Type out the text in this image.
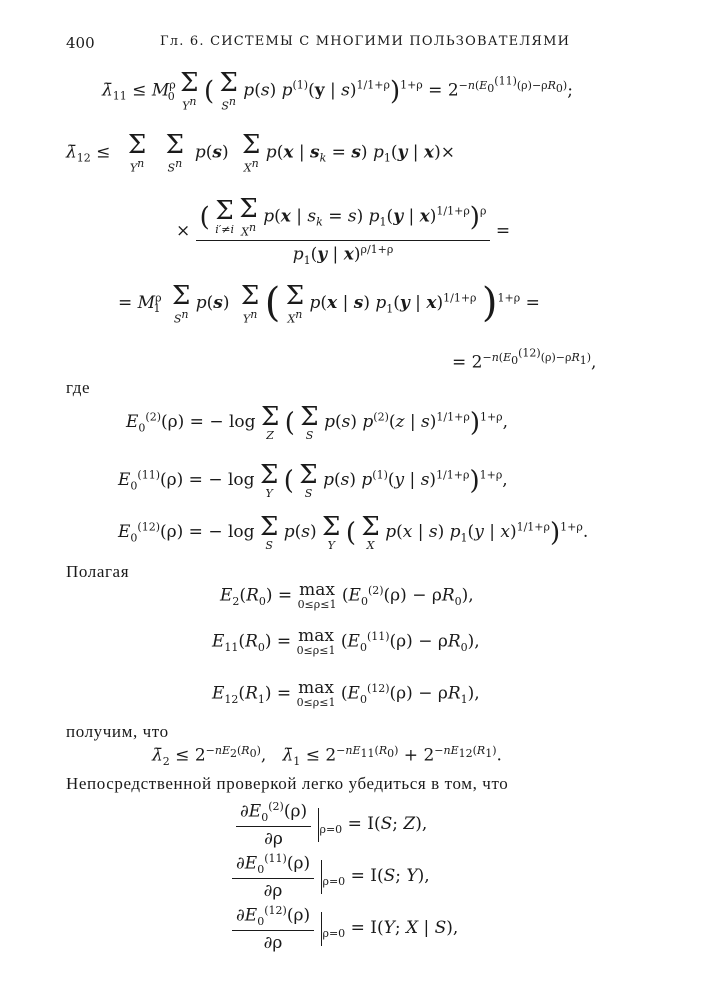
400	Гл. 6. СИСТЕМЫ С МНОГИМИ ПОЛЬЗОВАТЕЛЯМИ
$\lambdā_{11} \le M^\rho_0$ Σ
$Y^n$ ( Σ
$S^n$
p(s) $p^{(1)}(y$ | $s)^{1/1+\rho})^{1+\rho} = 2^{-n(E_0^{(11)}(\rho)-\rho R_0)}$;
$\lambdā_{12} \le \Sigma$
$Y^n$

Σ
$S^n$
p(s) Σ
$X^n$
p(x | $s_k = s$) $p_1(y$ | x)×
× ( Σ
i′≠i

Σ
$X^n$
p(x | $s_k = s$) $p_1(y$ | x)$^{1/1+\rho}$)$^\rho$
$p_1(y$ | x)$^{\rho/1+\rho}$ =
= $M^\rho_1$ Σ
$S^n$
p(s) Σ
$Y^n$ ( Σ
$X^n$
p(x | s) $p_1(y$ | x)$^{1/1+\rho}$ )$^{1+\rho}$ =
= $2^{-n(E_0^{(12)}(\rho)-\rho R_1)}$,
где
$E_0^{(2)}(\rho)$ = − log Σ
Z ( Σ
S
p(s) $p^{(2)}(z$ | s)$^{1/1+\rho}$)$^{1+\rho}$,
$E_0^{(11)}(\rho)$ = − log Σ
Y ( Σ
S
p(s) $p^{(1)}(y$ | s)$^{1/1+\rho}$)$^{1+\rho}$,
$E_0^{(12)}(\rho)$ = − log Σ
S
p(s) Σ
Y ( Σ
X
p(x | s) $p_1(y$ | x)$^{1/1+\rho}$)$^{1+\rho}$.
Полагая
$E_2(R_0) = \max$
0≤ρ≤1 $(E_0^{(2)}(\rho) - \rho R_0)$,
$E_{11}(R_0) = \max$
0≤ρ≤1 $(E_0^{(11)}(\rho) - \rho R_0)$,
$E_{12}(R_1) = \max$
0≤ρ≤1 $(E_0^{(12)}(\rho) - \rho R_1)$,
получим, что
$\lambdā_2 \le 2^{-nE_2(R_0)}$,   $\lambdā_1 \le 2^{-nE_{11}(R_0)} + 2^{-nE_{12}(R_1)}$.
Непосредственной проверкой легко убедиться в том, что
$\frac{\partial E_0^{(2)}(\rho)}{\partial\rho} _{\rho=0} = I(S$; Z),
$\frac{\partial E_0^{(11)}(\rho)}{\partial\rho} _{\rho=0} = I(S$; Y),
$\frac{\partial E_0^{(12)}(\rho)}{\partial\rho} _{\rho=0} = I(Y$; X | S),
